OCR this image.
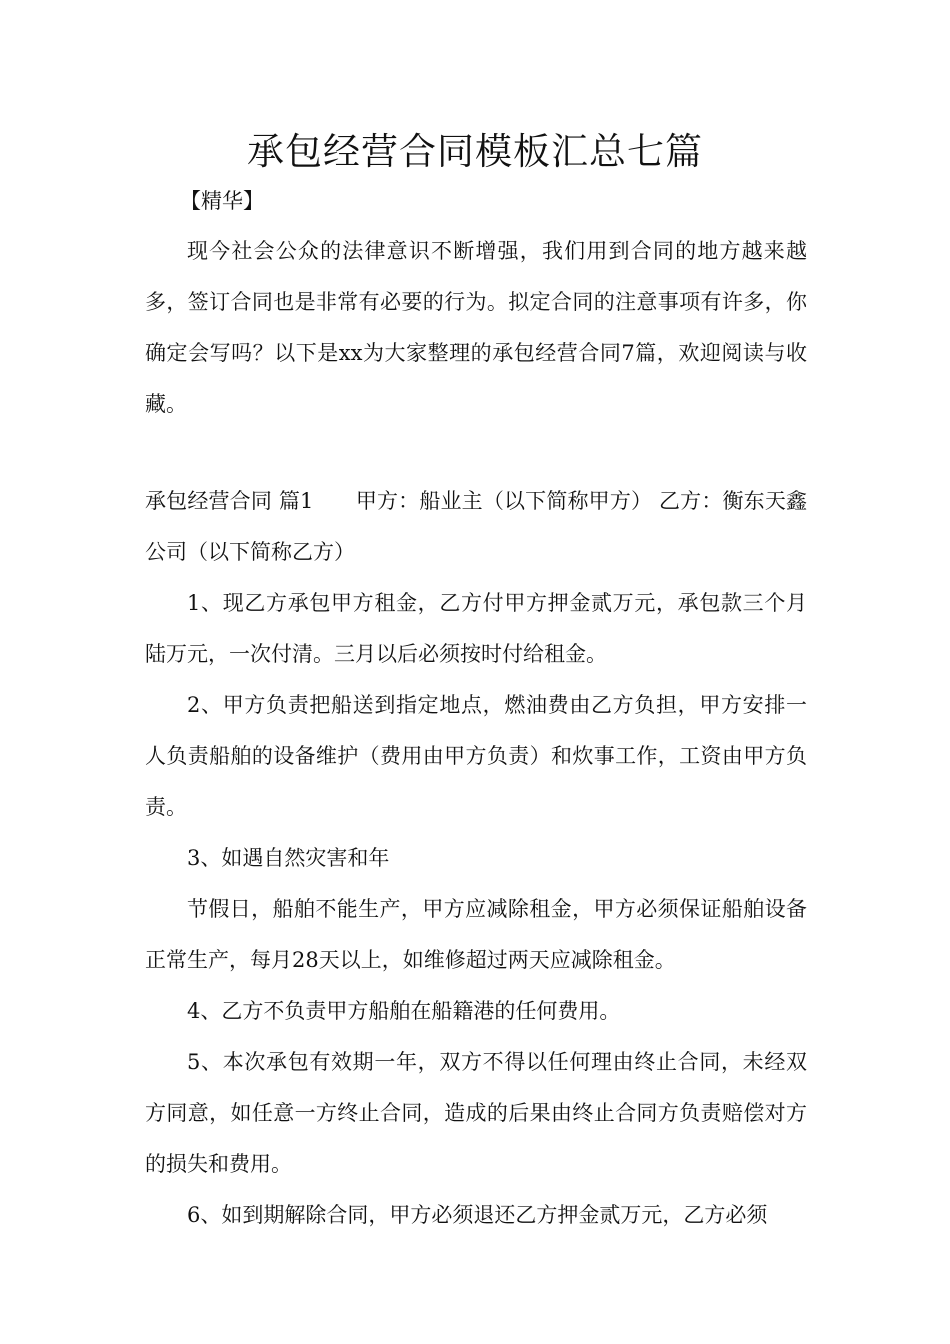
承包经营合同模板汇总七篇
【精华】

现今社会公众的法律意识不断增强，我们用到合同的地方越来越多，签订合同也是非常有必要的行为。拟定合同的注意事项有许多，你确定会写吗？以下是xx为大家整理的承包经营合同7篇，欢迎阅读与收藏。

承包经营合同 篇1　　甲方：船业主（以下简称甲方） 乙方：衡东天鑫公司（以下简称乙方）

1、现乙方承包甲方租金，乙方付甲方押金贰万元，承包款三个月陆万元，一次付清。三月以后必须按时付给租金。

2、甲方负责把船送到指定地点，燃油费由乙方负担，甲方安排一人负责船舶的设备维护（费用由甲方负责）和炊事工作，工资由甲方负责。

3、如遇自然灾害和年

节假日，船舶不能生产，甲方应减除租金，甲方必须保证船舶设备正常生产，每月28天以上，如维修超过两天应减除租金。

4、乙方不负责甲方船舶在船籍港的任何费用。

5、本次承包有效期一年，双方不得以任何理由终止合同，未经双方同意，如任意一方终止合同，造成的后果由终止合同方负责赔偿对方的损失和费用。

6、如到期解除合同，甲方必须退还乙方押金贰万元，乙方必须
